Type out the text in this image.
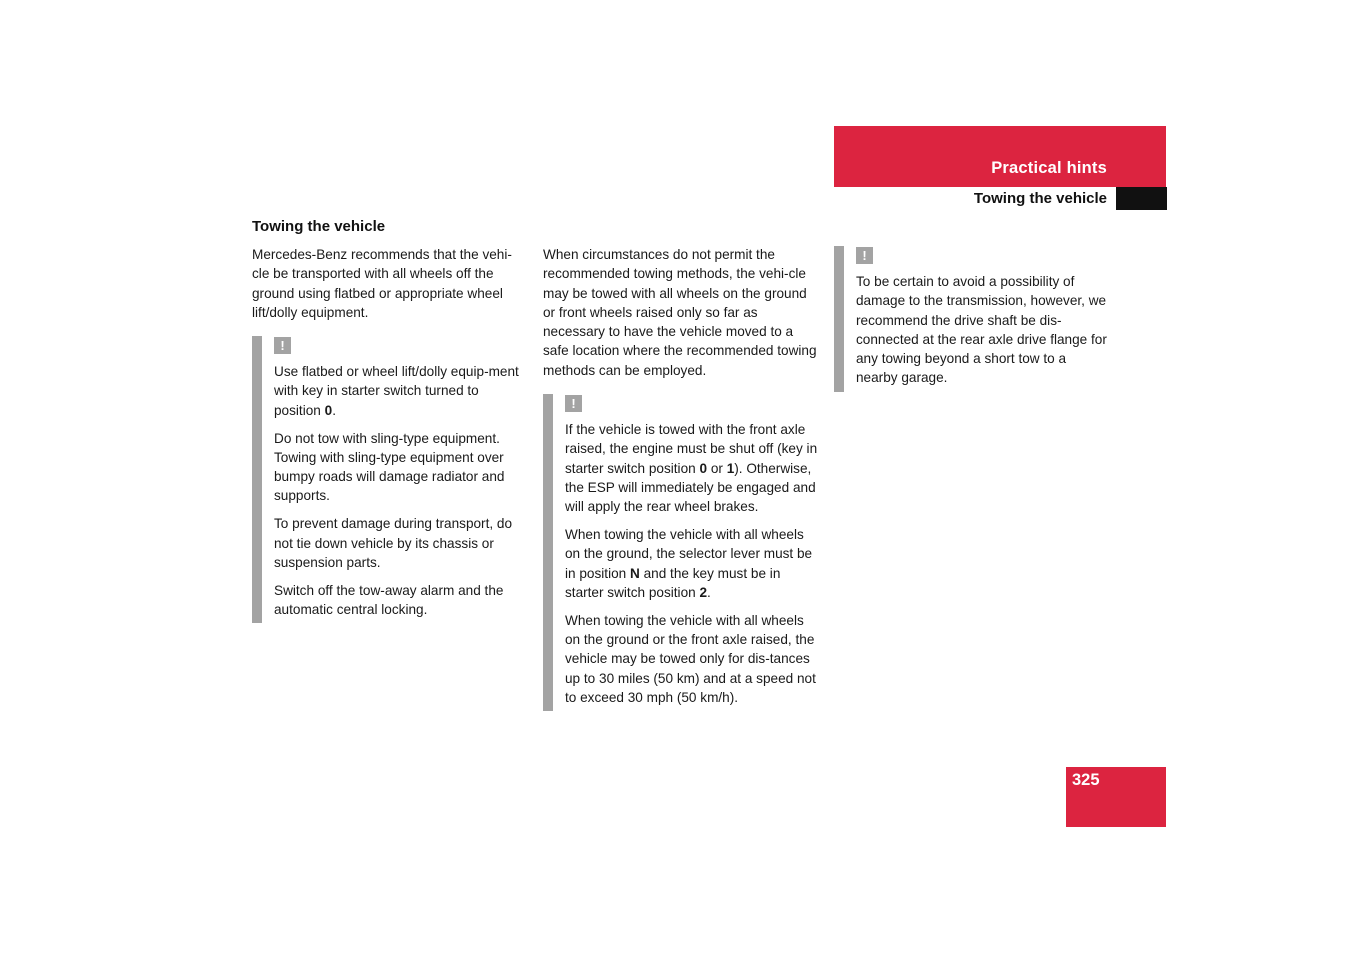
Practical hints
Towing the vehicle
Towing the vehicle

Mercedes-Benz recommends that the vehi-cle be transported with all wheels off the ground using flatbed or appropriate wheel lift/dolly equipment.

!

Use flatbed or wheel lift/dolly equip-ment with key in starter switch turned to position 0.

Do not tow with sling-type equipment. Towing with sling-type equipment over bumpy roads will damage radiator and supports.

To prevent damage during transport, do not tie down vehicle by its chassis or suspension parts.

Switch off the tow-away alarm and the automatic central locking.

When circumstances do not permit the recommended towing methods, the vehi-cle may be towed with all wheels on the ground or front wheels raised only so far as necessary to have the vehicle moved to a safe location where the recommended towing methods can be employed.

!

If the vehicle is towed with the front axle raised, the engine must be shut off (key in starter switch position 0 or 1). Otherwise, the ESP will immediately be engaged and will apply the rear wheel brakes.

When towing the vehicle with all wheels on the ground, the selector lever must be in position N and the key must be in starter switch position 2.

When towing the vehicle with all wheels on the ground or the front axle raised, the vehicle may be towed only for dis-tances up to 30 miles (50 km) and at a speed not to exceed 30 mph (50 km/h).

!

To be certain to avoid a possibility of damage to the transmission, however, we recommend the drive shaft be dis-connected at the rear axle drive flange for any towing beyond a short tow to a nearby garage.

325
